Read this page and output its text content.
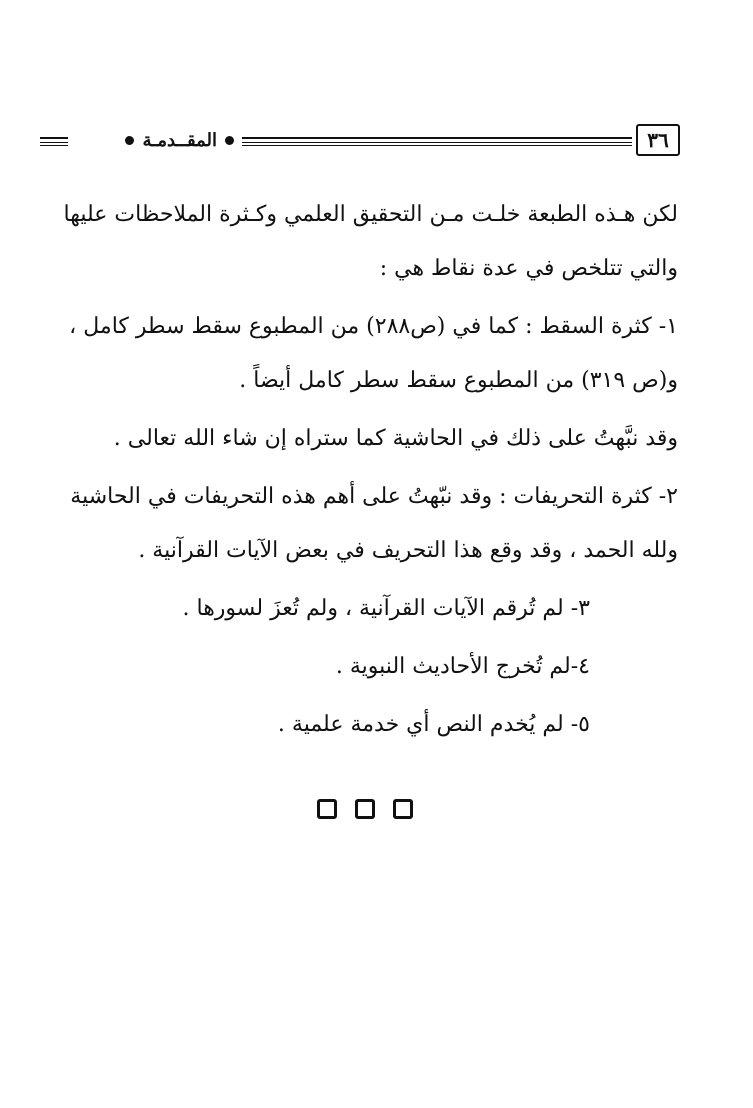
٣٦
المقــدمـة

لكن هـذه الطبعة خلـت مـن التحقيق العلمي وكـثرة الملاحظات عليها والتي تتلخص في عدة نقاط هي :

١- كثرة السقط : كما في (ص٢٨٨) من المطبوع سقط سطر كامل ، و(ص ٣١٩) من المطبوع سقط سطر كامل أيضاً .

وقد نبَّهتُ على ذلك في الحاشية كما ستراه إن شاء الله تعالى .

٢- كثرة التحريفات : وقد نبّهتُ على أهم هذه التحريفات في الحاشية ولله الحمد ، وقد وقع هذا التحريف في بعض الآيات القرآنية .

٣- لم تُرقم الآيات القرآنية ، ولم تُعزَ لسورها .

٤-لم تُخرج الأحاديث النبوية .

٥- لم يُخدم النص أي خدمة علمية .
